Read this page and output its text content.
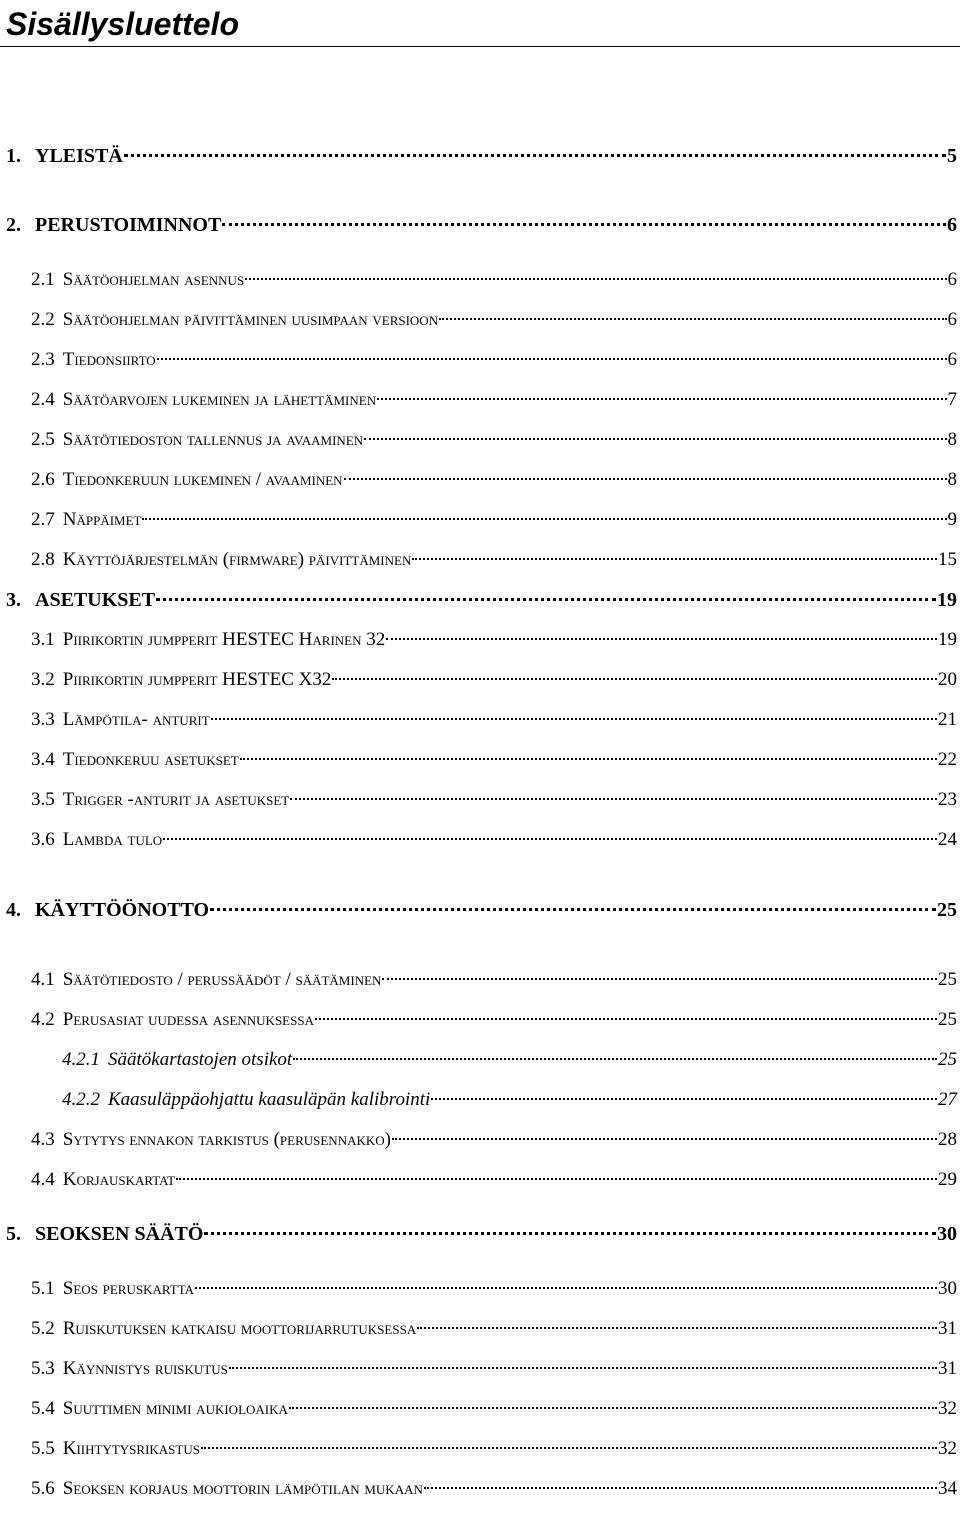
Sisällysluettelo
1. YLEISTÄ	5
2. PERUSTOIMINNOT	6
2.1 Säätöohjelman asennus	6
2.2 Säätöohjelman päivittäminen uusimpaan versioon	6
2.3 Tiedonsiirto	6
2.4 Säätöarvojen lukeminen ja lähettäminen	7
2.5 Säätötiedoston tallennus ja avaaminen	8
2.6 Tiedonkeruun lukeminen / avaaminen	8
2.7 Näppäimet	9
2.8 Käyttöjärjestelmän (firmware) päivittäminen	15
3. ASETUKSET	19
3.1 Piirikortin jumpperit HESTEC Harinen 32	19
3.2 Piirikortin jumpperit HESTEC X32	20
3.3 Lämpötila- anturit	21
3.4 Tiedonkeruu asetukset	22
3.5 Trigger -anturit ja asetukset	23
3.6 Lambda tulo	24
4. KÄYTTÖÖNOTTO	25
4.1 Säätötiedosto / perussäädöt / säätäminen	25
4.2 Perusasiat uudessa asennuksessa	25
4.2.1 Säätökartastojen otsikot	25
4.2.2 Kaasuläppäohjattu kaasuläpän kalibrointi	27
4.3 Sytytys ennakon tarkistus (perusennakko)	28
4.4 Korjauskartat	29
5. SEOKSEN SÄÄTÖ	30
5.1 Seos peruskartta	30
5.2 Ruiskutuksen katkaisu moottorijarrutuksessa	31
5.3 Käynnistys ruiskutus	31
5.4 Suuttimen minimi aukioloaika	32
5.5 Kiihtytysrikastus	32
5.6 Seoksen korjaus moottorin lämpötilan mukaan	34
